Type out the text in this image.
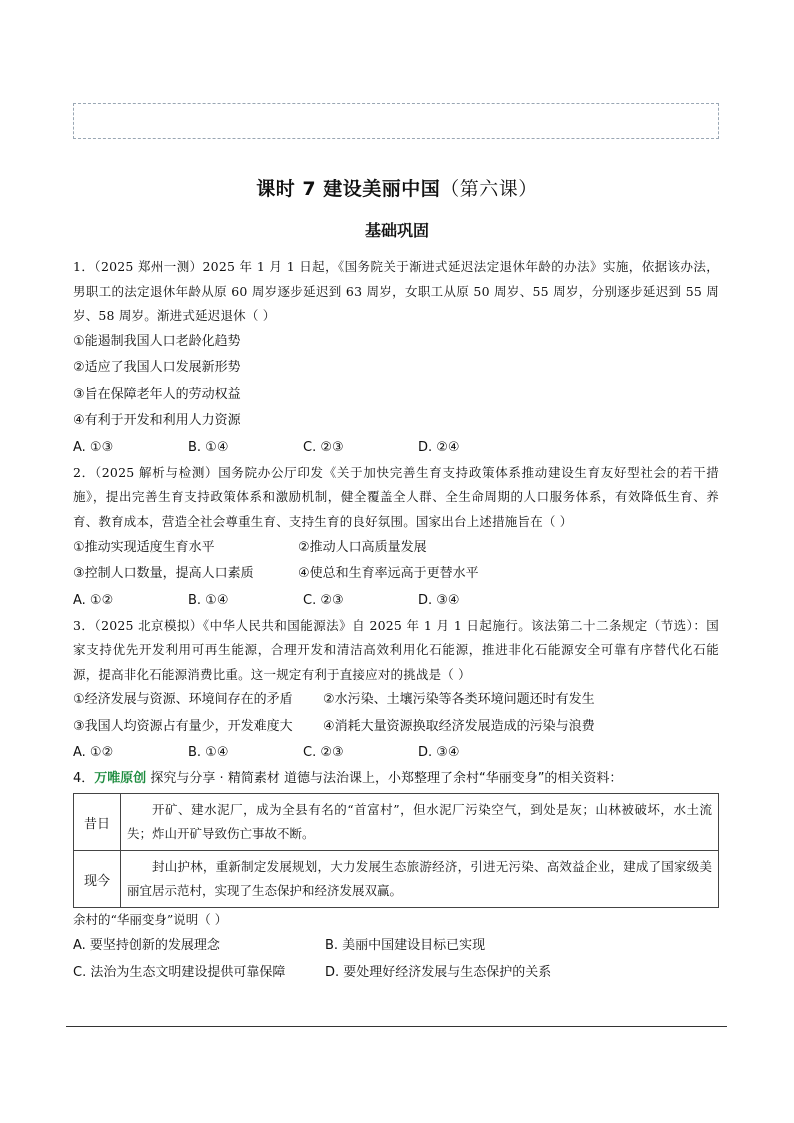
课时 7 建设美丽中国（第六课）
基础巩固
1．（2025 郑州一测）2025 年 1 月 1 日起，《国务院关于渐进式延迟法定退休年龄的办法》实施，依据该办法，男职工的法定退休年龄从原 60 周岁逐步延迟到 63 周岁，女职工从原 50 周岁、55 周岁，分别逐步延迟到 55 周岁、58 周岁。渐进式延迟退休（ ）
①能遏制我国人口老龄化趋势
②适应了我国人口发展新形势
③旨在保障老年人的劳动权益
④有利于开发和利用人力资源
A. ①③	B. ①④	C. ②③	D. ②④
2．（2025 解析与检测）国务院办公厅印发《关于加快完善生育支持政策体系推动建设生育友好型社会的若干措施》，提出完善生育支持政策体系和激励机制，健全覆盖全人群、全生命周期的人口服务体系，有效降低生育、养育、教育成本，营造全社会尊重生育、支持生育的良好氛围。国家出台上述措施旨在（ ）
①推动实现适度生育水平	②推动人口高质量发展
③控制人口数量，提高人口素质	④使总和生育率远高于更替水平
A. ①②	B. ①④	C. ②③	D. ③④
3．（2025 北京模拟）《中华人民共和国能源法》自 2025 年 1 月 1 日起施行。该法第二十二条规定（节选）：国家支持优先开发利用可再生能源，合理开发和清洁高效利用化石能源，推进非化石能源安全可靠有序替代化石能源，提高非化石能源消费比重。这一规定有利于直接应对的挑战是（ ）
①经济发展与资源、环境间存在的矛盾	②水污染、土壤污染等各类环境问题还时有发生
③我国人均资源占有量少，开发难度大	④消耗大量资源换取经济发展造成的污染与浪费
A. ①②	B. ①④	C. ②③	D. ③④
4．万唯原创 探究与分享 · 精简素材 道德与法治课上，小郑整理了余村“华丽变身”的相关资料：
昔日	开矿、建水泥厂，成为全县有名的“首富村”，但水泥厂污染空气，到处是灰；山林被破坏，水土流失；炸山开矿导致伤亡事故不断。
现今	封山护林，重新制定发展规划，大力发展生态旅游经济，引进无污染、高效益企业，建成了国家级美丽宜居示范村，实现了生态保护和经济发展双赢。
余村的“华丽变身”说明（ ）
A. 要坚持创新的发展理念	B. 美丽中国建设目标已实现
C. 法治为生态文明建设提供可靠保障	D. 要处理好经济发展与生态保护的关系
